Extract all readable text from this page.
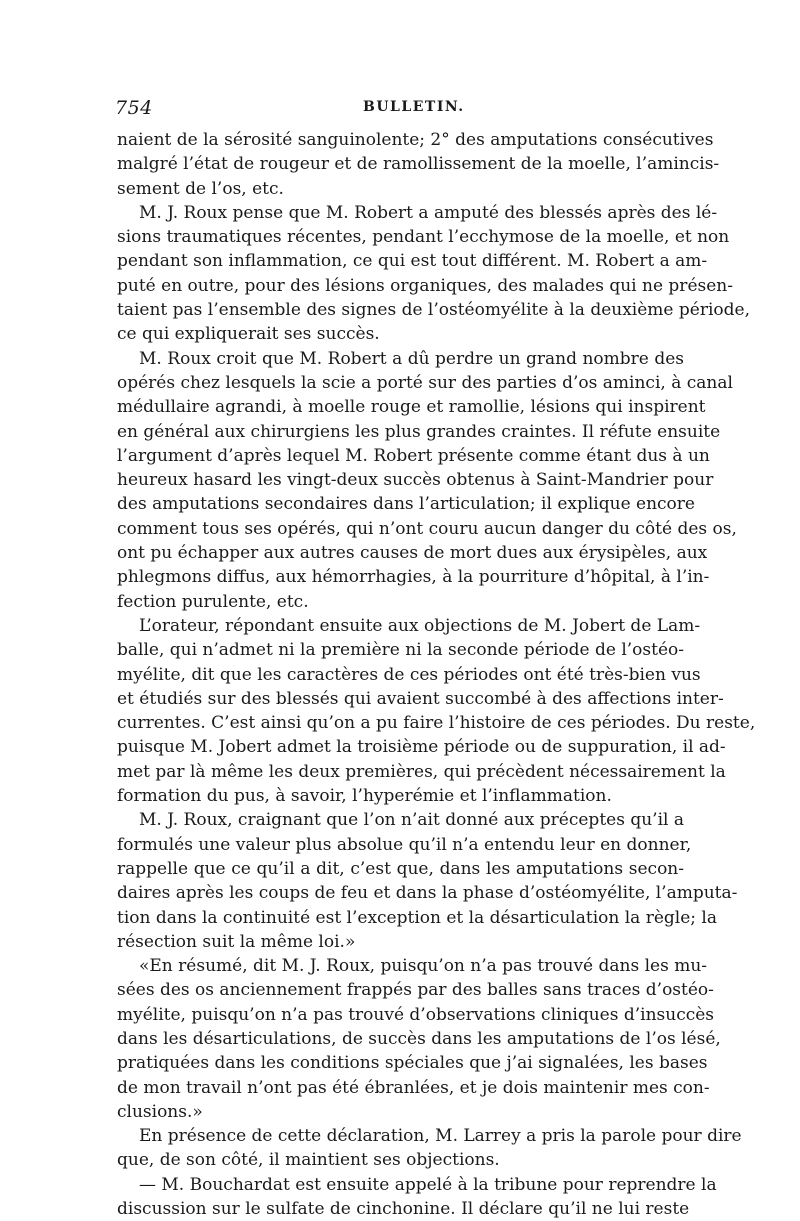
754	BULLETIN.
naient de la sérosité sanguinolente; 2° des amputations consécutives
malgré l’état de rougeur et de ramollissement de la moelle, l’amincis-
sement de l’os, etc.
M. J. Roux pense que M. Robert a amputé des blessés après des lé-
sions traumatiques récentes, pendant l’ecchymose de la moelle, et non
pendant son inflammation, ce qui est tout différent. M. Robert a am-
puté en outre, pour des lésions organiques, des malades qui ne présen-
taient pas l’ensemble des signes de l’ostéomyélite à la deuxième période,
ce qui expliquerait ses succès.
M. Roux croit que M. Robert a dû perdre un grand nombre des
opérés chez lesquels la scie a porté sur des parties d’os aminci, à canal
médullaire agrandi, à moelle rouge et ramollie, lésions qui inspirent
en général aux chirurgiens les plus grandes craintes. Il réfute ensuite
l’argument d’après lequel M. Robert présente comme étant dus à un
heureux hasard les vingt-deux succès obtenus à Saint-Mandrier pour
des amputations secondaires dans l’articulation; il explique encore
comment tous ses opérés, qui n’ont couru aucun danger du côté des os,
ont pu échapper aux autres causes de mort dues aux érysipèles, aux
phlegmons diffus, aux hémorrhagies, à la pourriture d’hôpital, à l’in-
fection purulente, etc.
L’orateur, répondant ensuite aux objections de M. Jobert de Lam-
balle, qui n’admet ni la première ni la seconde période de l’ostéo-
myélite, dit que les caractères de ces périodes ont été très-bien vus
et étudiés sur des blessés qui avaient succombé à des affections inter-
currentes. C’est ainsi qu’on a pu faire l’histoire de ces périodes. Du reste,
puisque M. Jobert admet la troisième période ou de suppuration, il ad-
met par là même les deux premières, qui précèdent nécessairement la
formation du pus, à savoir, l’hyperémie et l’inflammation.
M. J. Roux, craignant que l’on n’ait donné aux préceptes qu’il a
formulés une valeur plus absolue qu’il n’a entendu leur en donner,
rappelle que ce qu’il a dit, c’est que, dans les amputations secon-
daires après les coups de feu et dans la phase d’ostéomyélite, l’amputa-
tion dans la continuité est l’exception et la désarticulation la règle; la
résection suit la même loi.»
«En résumé, dit M. J. Roux, puisqu’on n’a pas trouvé dans les mu-
sées des os anciennement frappés par des balles sans traces d’ostéo-
myélite, puisqu’on n’a pas trouvé d’observations cliniques d’insuccès
dans les désarticulations, de succès dans les amputations de l’os lésé,
pratiquées dans les conditions spéciales que j’ai signalées, les bases
de mon travail n’ont pas été ébranlées, et je dois maintenir mes con-
clusions.»
En présence de cette déclaration, M. Larrey a pris la parole pour dire
que, de son côté, il maintient ses objections.
— M. Bouchardat est ensuite appelé à la tribune pour reprendre la
discussion sur le sulfate de cinchonine. Il déclare qu’il ne lui reste
